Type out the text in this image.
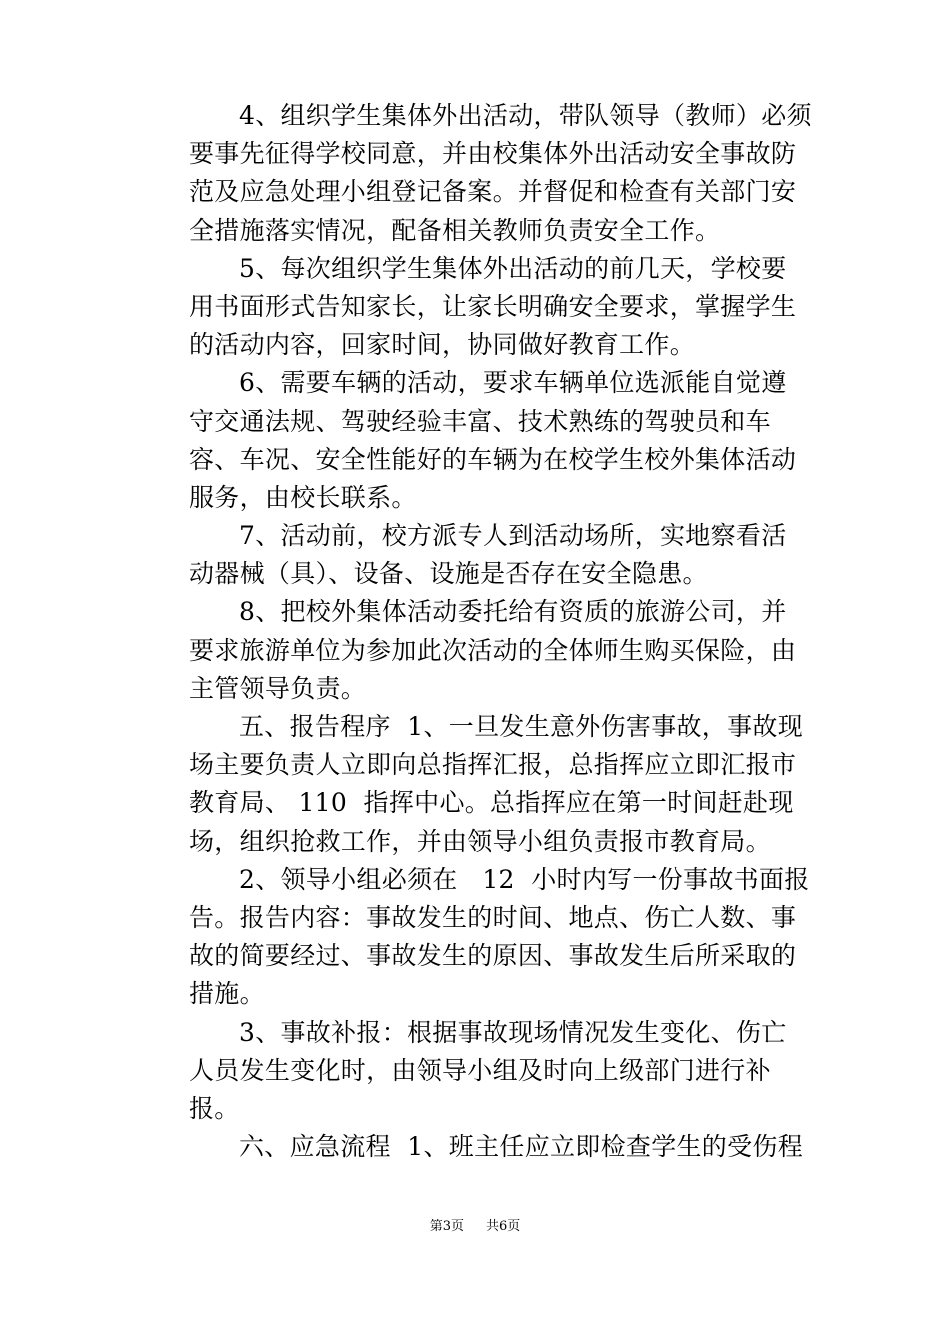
4、组织学生集体外出活动，带队领导（教师）必须
要事先征得学校同意，并由校集体外出活动安全事故防
范及应急处理小组登记备案。并督促和检查有关部门安
全措施落实情况，配备相关教师负责安全工作。
5、每次组织学生集体外出活动的前几天，学校要
用书面形式告知家长，让家长明确安全要求，掌握学生
的活动内容，回家时间，协同做好教育工作。
6、需要车辆的活动，要求车辆单位选派能自觉遵
守交通法规、驾驶经验丰富、技术熟练的驾驶员和车
容、车况、安全性能好的车辆为在校学生校外集体活动
服务，由校长联系。
7、活动前，校方派专人到活动场所，实地察看活
动器械（具）、设备、设施是否存在安全隐患。
8、把校外集体活动委托给有资质的旅游公司，并
要求旅游单位为参加此次活动的全体师生购买保险，由
主管领导负责。
五、报告程序  1、一旦发生意外伤害事故，事故现
场主要负责人立即向总指挥汇报，总指挥应立即汇报市
教育局、 110  指挥中心。总指挥应在第一时间赶赴现
场，组织抢救工作，并由领导小组负责报市教育局。
2、领导小组必须在   12  小时内写一份事故书面报
告。报告内容：事故发生的时间、地点、伤亡人数、事
故的简要经过、事故发生的原因、事故发生后所采取的
措施。
3、事故补报：根据事故现场情况发生变化、伤亡
人员发生变化时，由领导小组及时向上级部门进行补
报。
六、应急流程  1、班主任应立即检查学生的受伤程
第3页 共6页
